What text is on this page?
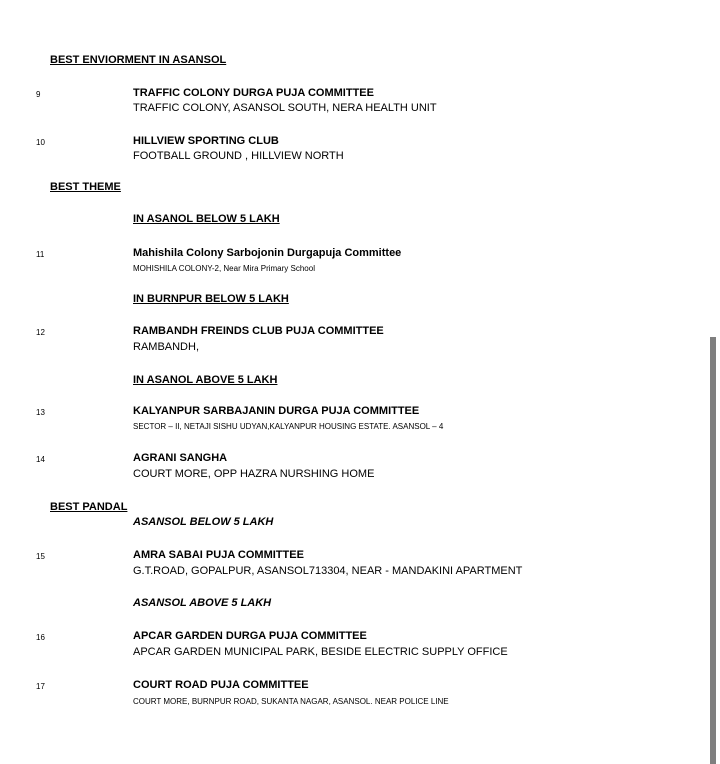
BEST ENVIORMENT IN ASANSOL
9	TRAFFIC COLONY DURGA PUJA COMMITTEE
TRAFFIC COLONY, ASANSOL SOUTH, NERA HEALTH UNIT
10	HILLVIEW SPORTING CLUB
FOOTBALL GROUND , HILLVIEW NORTH
BEST THEME
IN ASANOL BELOW 5 LAKH
11	Mahishila Colony Sarbojonin Durgapuja Committee
MOHISHILA COLONY-2, Near Mira Primary School
IN BURNPUR BELOW 5 LAKH
12	RAMBANDH FREINDS CLUB PUJA COMMITTEE
RAMBANDH,
IN ASANOL ABOVE 5 LAKH
13	KALYANPUR SARBAJANIN DURGA PUJA COMMITTEE
SECTOR – II, NETAJI SISHU UDYAN,KALYANPUR HOUSING ESTATE. ASANSOL – 4
14	AGRANI SANGHA
COURT MORE, OPP HAZRA NURSHING HOME
BEST PANDAL
ASANSOL BELOW 5 LAKH
15	AMRA SABAI PUJA COMMITTEE
G.T.ROAD, GOPALPUR, ASANSOL713304, NEAR - MANDAKINI APARTMENT
ASANSOL ABOVE 5 LAKH
16	APCAR GARDEN DURGA PUJA COMMITTEE
APCAR GARDEN MUNICIPAL PARK, BESIDE ELECTRIC SUPPLY OFFICE
17	COURT ROAD PUJA COMMITTEE
COURT MORE, BURNPUR ROAD, SUKANTA NAGAR, ASANSOL. NEAR POLICE LINE
